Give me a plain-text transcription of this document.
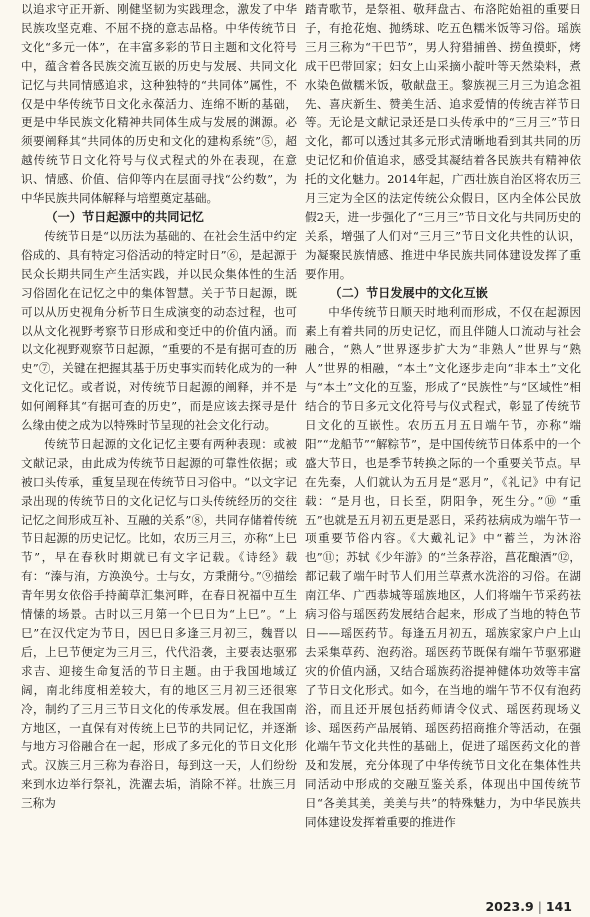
以追求守正开新、刚健坚韧为实践理念，激发了中华民族攻坚克难、不屈不挠的意志品格。中华传统节日文化“多元一体”，在丰富多彩的节日主题和文化符号中，蕴含着各民族交流互嵌的历史与发展、共同文化记忆与共同情感追求，这种独特的“共同体”属性，不仅是中华传统节日文化永葆活力、连绵不断的基础，更是中华民族文化精神共同体生成与发展的渊源。必须要阐释其“共同体的历史和文化的建构系统”⑤，超越传统节日文化符号与仪式程式的外在表现，在意识、情感、价值、信仰等内在层面寻找“公约数”，为中华民族共同体解释与培塑奠定基础。

（一）节日起源中的共同记忆

传统节日是“以历法为基础的、在社会生活中约定俗成的、具有特定习俗活动的特定时日”⑥，是起源于民众长期共同生产生活实践，并以民众集体性的生活习俗固化在记忆之中的集体智慧。关于节日起源，既可以从历史视角分析节日生成演变的动态过程，也可以从文化视野考察节日形成和变迁中的价值内涵。而以文化视野观察节日起源，“重要的不是有据可查的历史”⑦，关键在把握其基于历史事实而转化成为的一种文化记忆。或者说，对传统节日起源的阐释，并不是如何阐释其“有据可查的历史”，而是应该去探寻是什么缘由使之成为以特殊时节呈现的社会文化行动。

传统节日起源的文化记忆主要有两种表现：或被文献记录，由此成为传统节日起源的可靠性依据；或被口头传承，重复呈现在传统节日习俗中。“以文字记录出现的传统节日的文化记忆与口头传统经历的交往记忆之间形成互补、互融的关系”⑧，共同存储着传统节日起源的历史记忆。比如，农历三月三，亦称“上巳节”，早在春秋时期就已有文字记载。《诗经》载有：“溱与洧，方涣涣兮。士与女，方秉蕑兮。”⑨描绘青年男女依俗手持蔺草汇集河畔，在春日祝福中互生情愫的场景。古时以三月第一个巳日为“上巳”。“上巳”在汉代定为节日，因巳日多逢三月初三，魏晋以后，上巳节便定为三月三，代代沿袭，主要表达驱邪求吉、迎接生命复活的节日主题。由于我国地域辽阔，南北纬度相差较大，有的地区三月初三还很寒冷，制约了三月三节日文化的传承发展。但在我国南方地区，一直保有对传统上巳节的共同记忆，并逐渐与地方习俗融合在一起，形成了多元化的节日文化形式。汉族三月三称为春浴日，每到这一天，人们纷纷来到水边举行祭礼，洗濯去垢，消除不祥。壮族三月三称为

踏青歌节，是祭祖、敬拜盘古、布洛陀始祖的重要日子，有抢花炮、抛绣球、吃五色糯米饭等习俗。瑶族三月三称为“干巴节”，男人狩猎捕兽、捞鱼摸虾，烤成干巴带回家；妇女上山采摘小靛叶等天然染料，煮水染色做糯米饭，敬献盘王。黎族视三月三为追念祖先、喜庆新生、赞美生活、追求爱情的传统吉祥节日等。无论是文献记录还是口头传承中的“三月三”节日文化，都可以透过其多元形式清晰地看到其共同的历史记忆和价值追求，感受其凝结着各民族共有精神依托的文化魅力。2014年起，广西壮族自治区将农历三月三定为全区的法定传统公众假日，区内全体公民放假2天，进一步强化了“三月三”节日文化与共同历史的关系，增强了人们对“三月三”节日文化共性的认识，为凝聚民族情感、推进中华民族共同体建设发挥了重要作用。

（二）节日发展中的文化互嵌

中华传统节日顺天时地利而形成，不仅在起源因素上有着共同的历史记忆，而且伴随人口流动与社会融合，“熟人”世界逐步扩大为“非熟人”世界与“熟人”世界的相融，“本土”文化逐步走向“非本土”文化与“本土”文化的互鉴，形成了“民族性”与“区域性”相结合的节日多元文化符号与仪式程式，彰显了传统节日文化的互嵌性。农历五月五日端午节，亦称“端阳”“龙船节”“解粽节”，是中国传统节日体系中的一个盛大节日，也是季节转换之际的一个重要关节点。早在先秦，人们就认为五月是“恶月”，《礼记》中有记载：“是月也，日长至，阴阳争，死生分。”⑩ “重五”也就是五月初五更是恶日，采药祛病成为端午节一项重要节俗内容。《大戴礼记》中“蓄兰，为沐浴也”⑪；苏轼《少年游》的“兰条荐浴，菖花酿酒”⑫，都记载了端午时节人们用兰草煮水洗浴的习俗。在湖南江华、广西恭城等瑶族地区，人们将端午节采药祛病习俗与瑶医药发展结合起来，形成了当地的特色节日——瑶医药节。每逢五月初五，瑶族家家户户上山去采集草药、泡药浴。瑶医药节既保有端午节驱邪避灾的价值内涵，又结合瑶族药浴提神健体功效等丰富了节日文化形式。如今，在当地的端午节不仅有泡药浴，而且还开展包括药师请令仪式、瑶医药现场义诊、瑶医药产品展销、瑶医药招商推介等活动，在强化端午节文化共性的基础上，促进了瑶医药文化的普及和发展，充分体现了中华传统节日文化在集体性共同活动中形成的交融互鉴关系，体现出中国传统节日“各美其美，美美与共”的特殊魅力，为中华民族共同体建设发挥着重要的推进作

2023.9 | 141
